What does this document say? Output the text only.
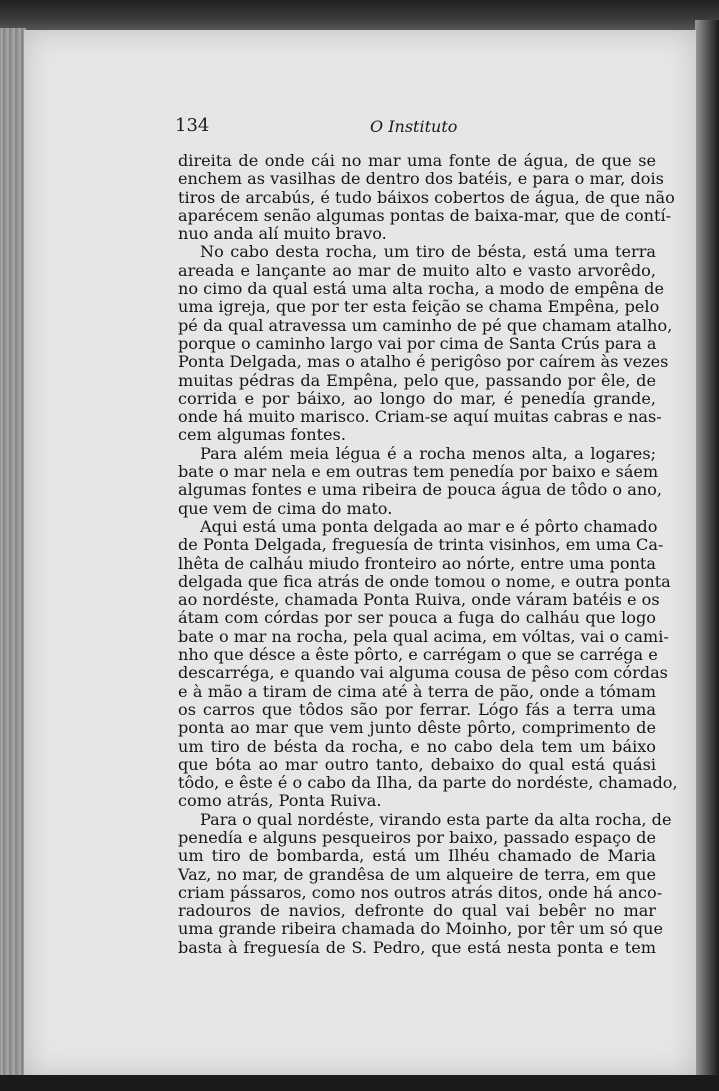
134	O Instituto
direita de onde cái no mar uma fonte de água, de que se
enchem as vasilhas de dentro dos batéis, e para o mar, dois
tiros de arcabús, é tudo báixos cobertos de água, de que não
aparécem senão algumas pontas de baixa-mar, que de contí-
nuo anda alí muito bravo.
No cabo desta rocha, um tiro de bésta, está uma terra
areada e lançante ao mar de muito alto e vasto arvorêdo,
no cimo da qual está uma alta rocha, a modo de empêna de
uma igreja, que por ter esta feição se chama Empêna, pelo
pé da qual atravessa um caminho de pé que chamam atalho,
porque o caminho largo vai por cima de Santa Crús para a
Ponta Delgada, mas o atalho é perigôso por caírem às vezes
muitas pédras da Empêna, pelo que, passando por êle, de
corrida e por báixo, ao longo do mar, é penedía grande,
onde há muito marisco. Criam-se aquí muitas cabras e nas-
cem algumas fontes.
Para além meia légua é a rocha menos alta, a logares;
bate o mar nela e em outras tem penedía por baixo e sáem
algumas fontes e uma ribeira de pouca água de tôdo o ano,
que vem de cima do mato.
Aqui está uma ponta delgada ao mar e é pôrto chamado
de Ponta Delgada, freguesía de trinta visinhos, em uma Ca-
lhêta de calháu miudo fronteiro ao nórte, entre uma ponta
delgada que fica atrás de onde tomou o nome, e outra ponta
ao nordéste, chamada Ponta Ruiva, onde váram batéis e os
átam com córdas por ser pouca a fuga do calháu que logo
bate o mar na rocha, pela qual acima, em vóltas, vai o cami-
nho que désce a êste pôrto, e carrégam o que se carréga e
descarréga, e quando vai alguma cousa de pêso com córdas
e à mão a tiram de cima até à terra de pão, onde a tómam
os carros que tôdos são por ferrar. Lógo fás a terra uma
ponta ao mar que vem junto dêste pôrto, comprimento de
um tiro de bésta da rocha, e no cabo dela tem um báixo
que bóta ao mar outro tanto, debaixo do qual está quási
tôdo, e êste é o cabo da Ilha, da parte do nordéste, chamado,
como atrás, Ponta Ruiva.
Para o qual nordéste, virando esta parte da alta rocha, de
penedía e alguns pesqueiros por baixo, passado espaço de
um tiro de bombarda, está um Ilhéu chamado de Maria
Vaz, no mar, de grandêsa de um alqueire de terra, em que
criam pássaros, como nos outros atrás ditos, onde há anco-
radouros de navios, defronte do qual vai bebêr no mar
uma grande ribeira chamada do Moinho, por têr um só que
basta à freguesía de S. Pedro, que está nesta ponta e tem
